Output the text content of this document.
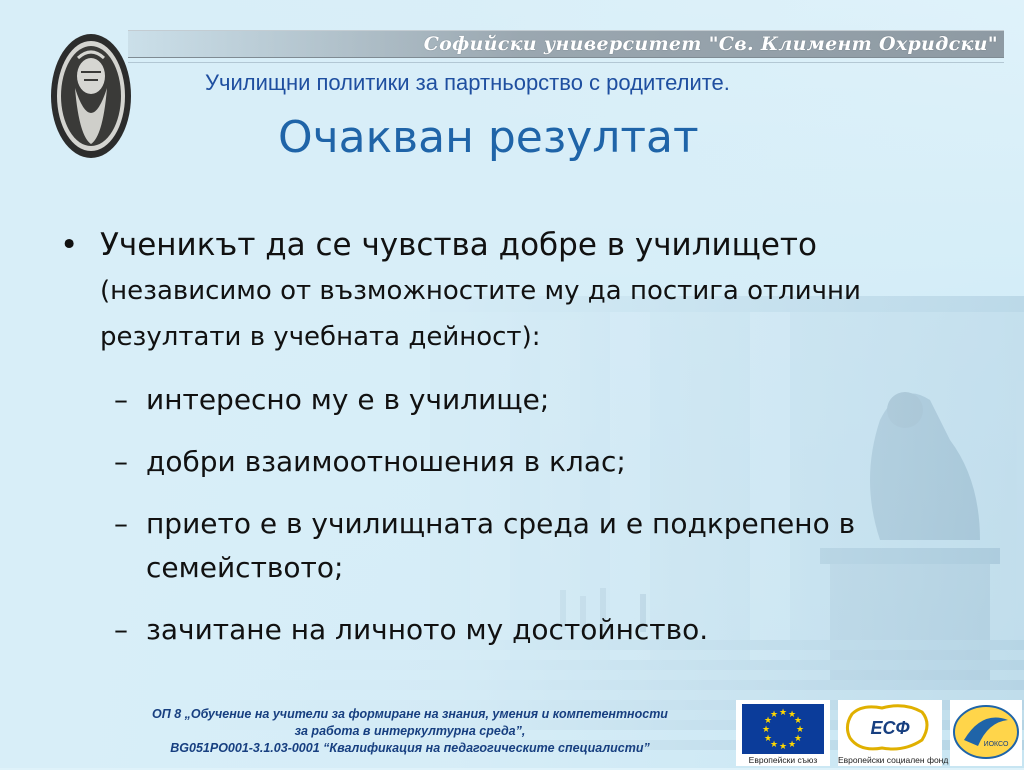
Софийски университет "Св. Климент Охридски"
Училищни политики за партньорство с родителите.
Очакван резултат
• Ученикът да се чувства добре в училището
(независимо от възможностите му да постига отлични резултати в учебната дейност):
– интересно му е в училище;
– добри взаимоотношения в клас;
– прието е в училищната среда и е подкрепено в семейството;
– зачитане на личното му достойнство.
ОП 8 „Обучение на учители за формиране на знания, умения и компетентности
за работа в интеркултурна среда”,
BG051PO001-3.1.03-0001 “Квалификация на педагогическите специалисти”
★ ★
★
★
★
★
★
★
★
★
★
★
Европейски съюз
ЕСФ
Европейски социален фонд
ИОКСО
